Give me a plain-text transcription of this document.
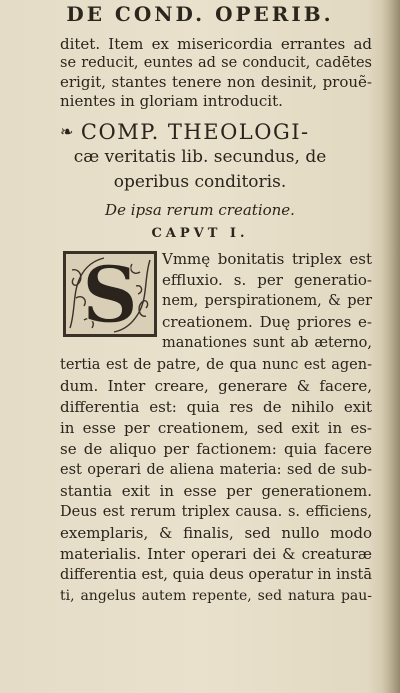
DE COND. OPERIB.
ditet. Item ex misericordia errantes ad
se reducit, euntes ad se conducit, cadētes
erigit, stantes tenere non desinit, prouẽ-
nientes in gloriam introducit.
❧ COMP. THEOLOGI-
cæ veritatis lib. secundus, de
operibus conditoris.
De ipsa rerum creatione.
CAPVT I.
S Vmmę bonitatis triplex est
effluxio. s. per generatio-
nem, perspirationem, & per
creationem. Duę priores e-
manationes sunt ab æterno,
tertia est de patre, de qua nunc est agen-
dum. Inter creare, generare & facere,
differentia est: quia res de nihilo exit
in esse per creationem, sed exit in es-
se de aliquo per factionem: quia facere
est operari de aliena materia: sed de sub-
stantia exit in esse per generationem.
Deus est rerum triplex causa. s. efficiens,
exemplaris, & finalis, sed nullo modo
materialis. Inter operari dei & creaturæ
differentia est, quia deus operatur in instā
ti, angelus autem repente, sed natura pau-
